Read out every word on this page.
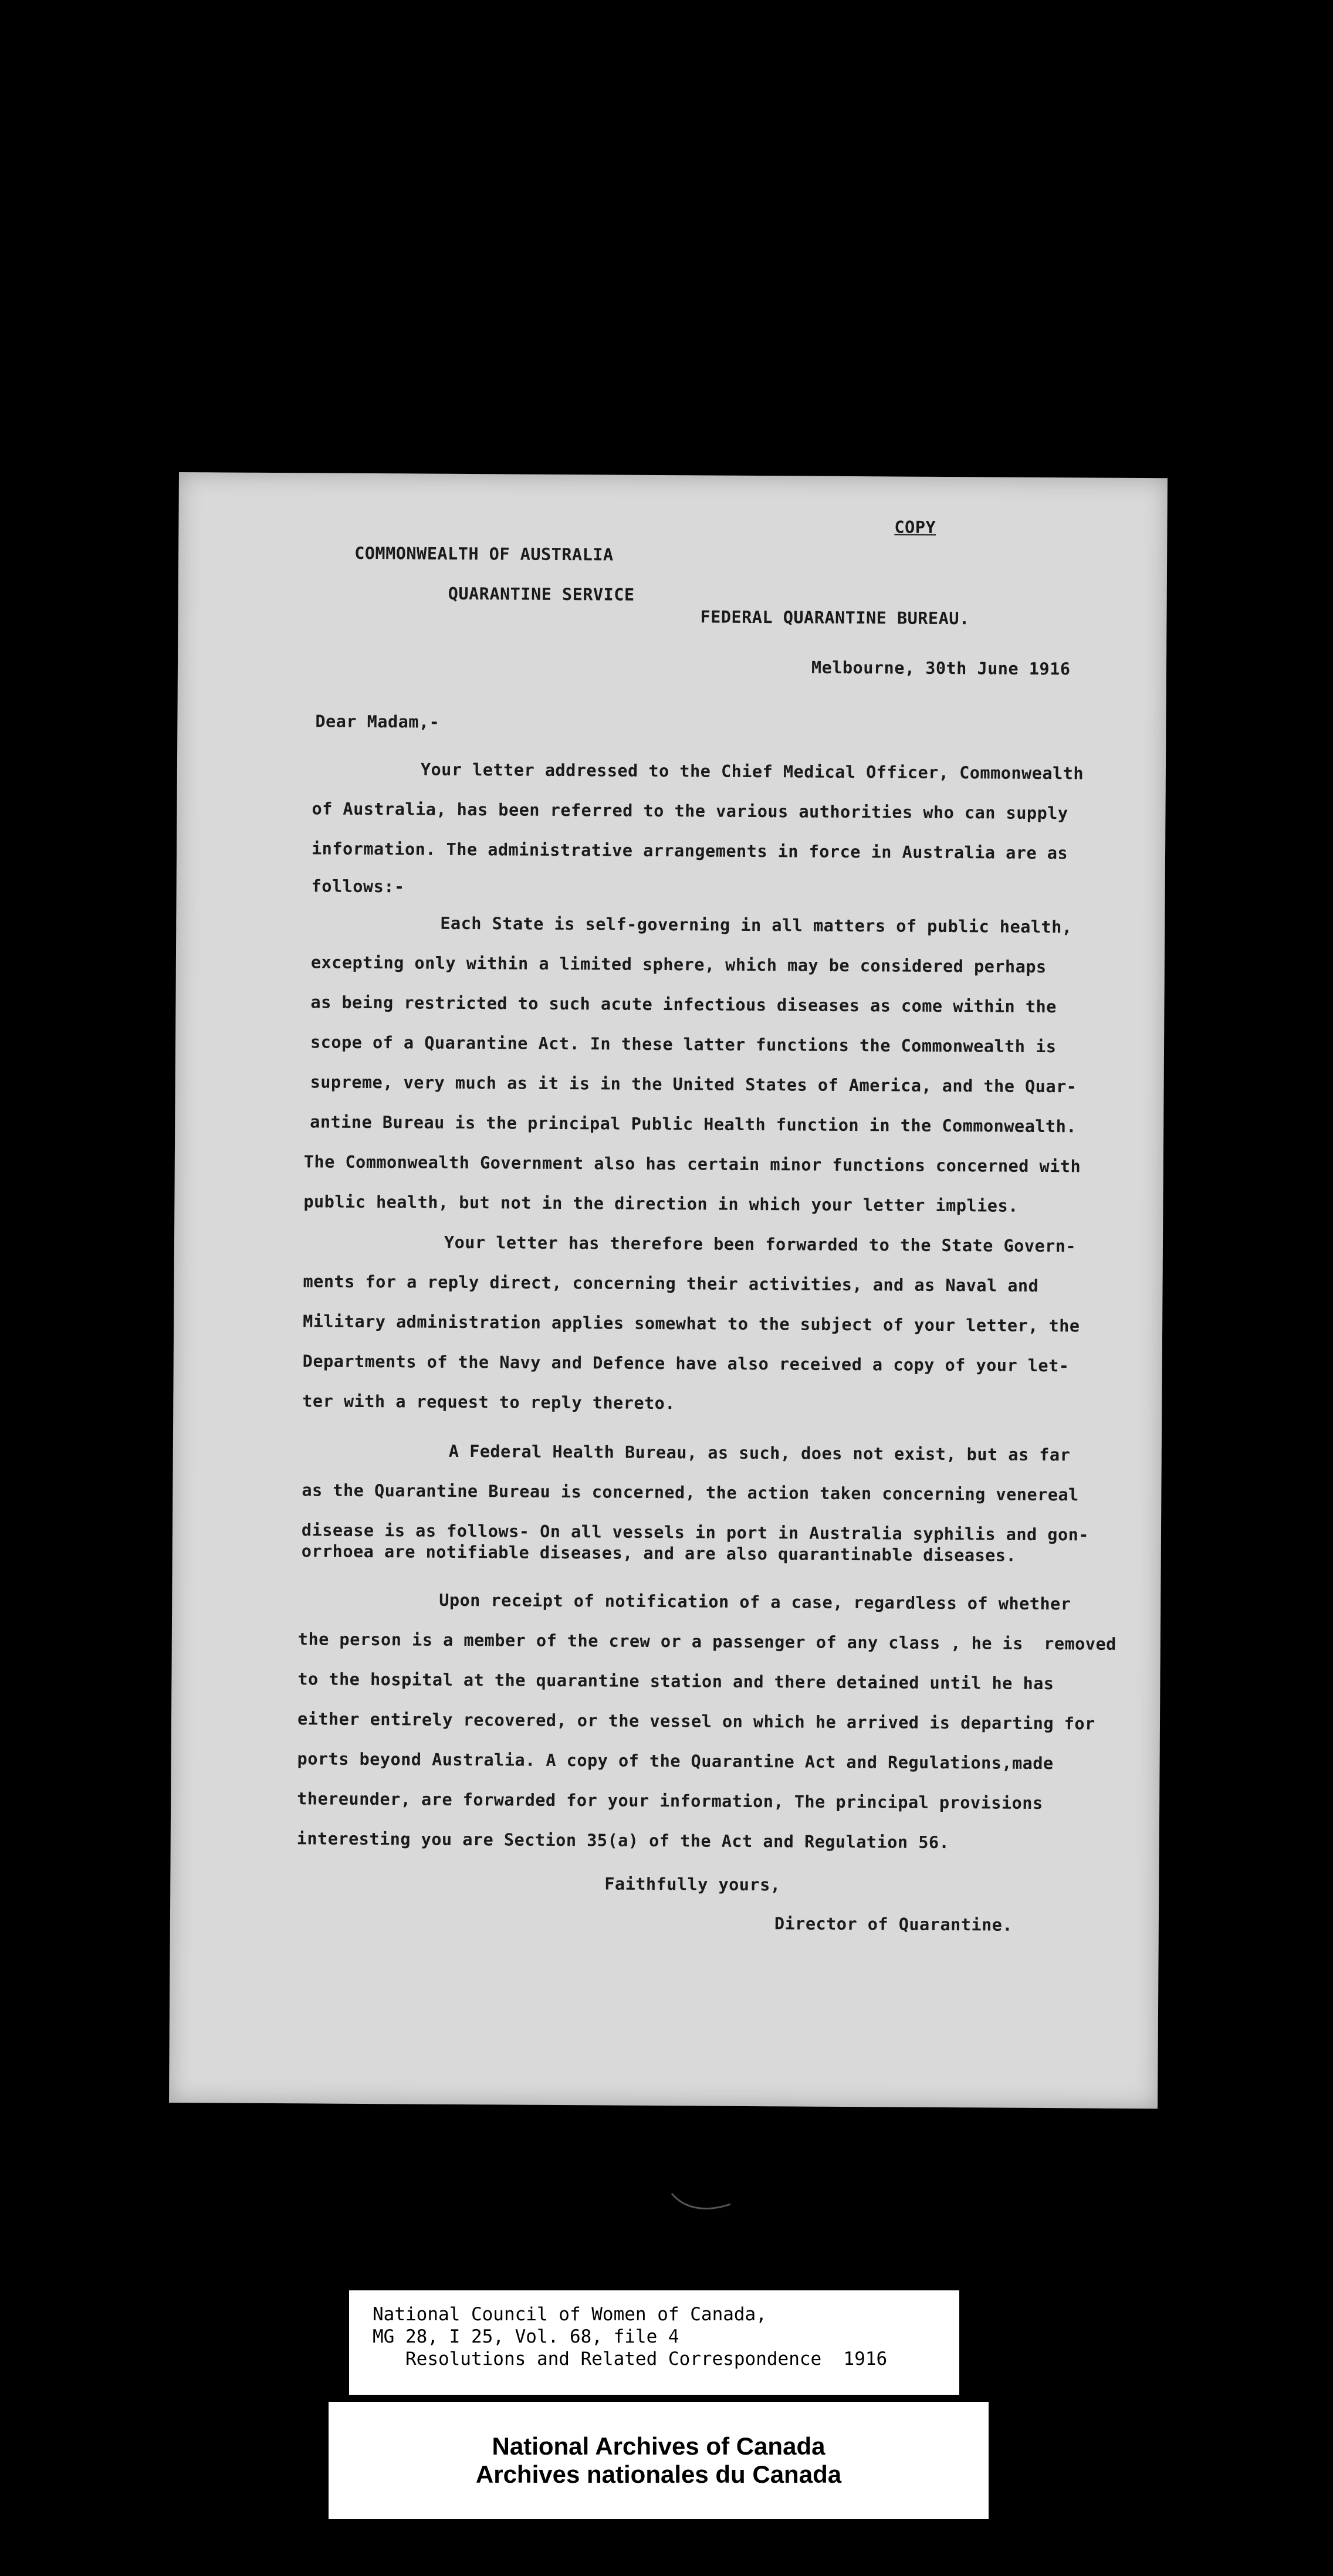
COPY
COMMONWEALTH OF AUSTRALIA
QUARANTINE SERVICE
FEDERAL QUARANTINE BUREAU.
Melbourne, 30th June 1916
Dear Madam,-
Your letter addressed to the Chief Medical Officer, Commonwealth
of Australia, has been referred to the various authorities who can supply
information. The administrative arrangements in force in Australia are as
follows:-
Each State is self-governing in all matters of public health,
excepting only within a limited sphere, which may be considered perhaps
as being restricted to such acute infectious diseases as come within the
scope of a Quarantine Act. In these latter functions the Commonwealth is
supreme, very much as it is in the United States of America, and the Quar-
antine Bureau is the principal Public Health function in the Commonwealth.
The Commonwealth Government also has certain minor functions concerned with
public health, but not in the direction in which your letter implies.
Your letter has therefore been forwarded to the State Govern-
ments for a reply direct, concerning their activities, and as Naval and
Military administration applies somewhat to the subject of your letter, the
Departments of the Navy and Defence have also received a copy of your let-
ter with a request to reply thereto.
A Federal Health Bureau, as such, does not exist, but as far
as the Quarantine Bureau is concerned, the action taken concerning venereal
disease is as follows- On all vessels in port in Australia syphilis and gon-
orrhoea are notifiable diseases, and are also quarantinable diseases.
Upon receipt of notification of a case, regardless of whether
the person is a member of the crew or a passenger of any class , he is  removed
to the hospital at the quarantine station and there detained until he has
either entirely recovered, or the vessel on which he arrived is departing for
ports beyond Australia. A copy of the Quarantine Act and Regulations,made
thereunder, are forwarded for your information, The principal provisions
interesting you are Section 35(a) of the Act and Regulation 56.
Faithfully yours,
Director of Quarantine.
National Council of Women of Canada,
MG 28, I 25, Vol. 68, file 4
Resolutions and Related Correspondence  1916
National Archives of Canada
Archives nationales du Canada
